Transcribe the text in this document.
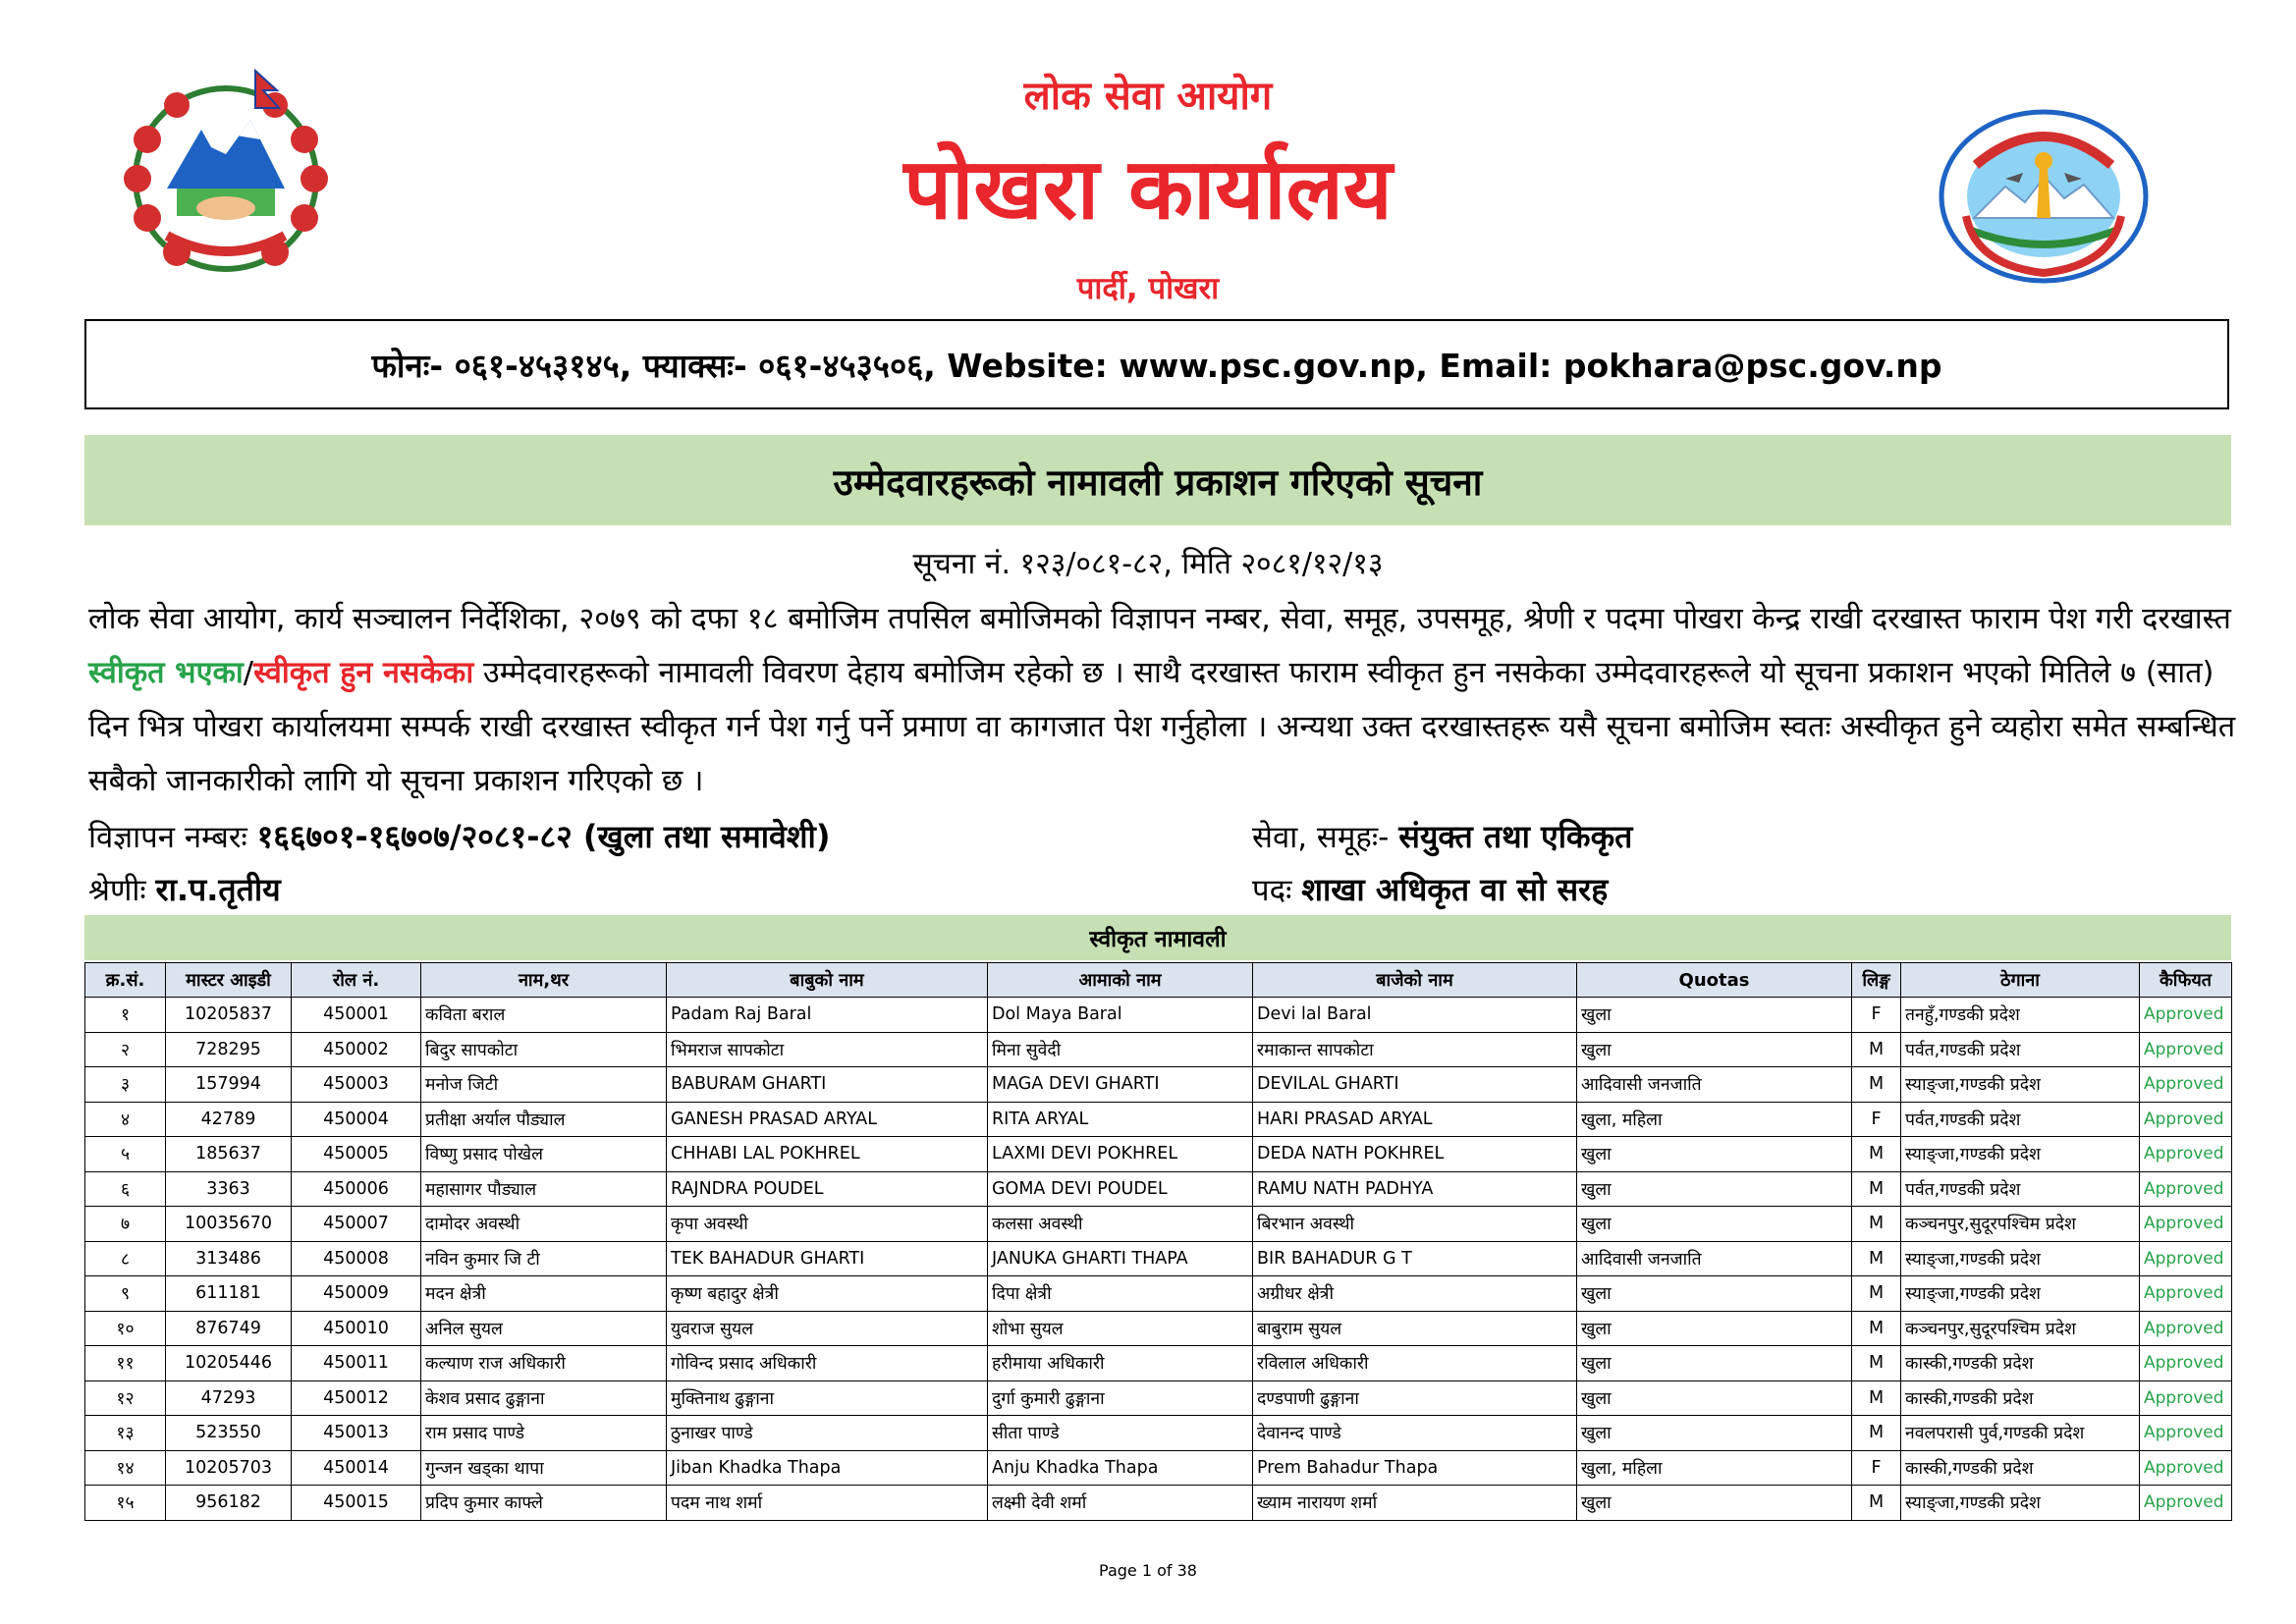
लोक सेवा आयोग
पोखरा कार्यालय
पार्दी, पोखरा
फोनः- ०६१-४५३१४५, फ्याक्सः- ०६१-४५३५०६, Website: www.psc.gov.np, Email: pokhara@psc.gov.np
उम्मेदवारहरूको नामावली प्रकाशन गरिएको सूचना
सूचना नं. १२३/०८१-८२, मिति २०८१/१२/१३
लोक सेवा आयोग, कार्य सञ्चालन निर्देशिका, २०७९ को दफा १८ बमोजिम तपसिल बमोजिमको विज्ञापन नम्बर, सेवा, समूह, उपसमूह, श्रेणी र पदमा पोखरा केन्द्र राखी दरखास्त फाराम पेश गरी दरखास्त स्वीकृत भएका/स्वीकृत हुन नसकेका उम्मेदवारहरूको नामावली विवरण देहाय बमोजिम रहेको छ । साथै दरखास्त फाराम स्वीकृत हुन नसकेका उम्मेदवारहरूले यो सूचना प्रकाशन भएको मितिले ७ (सात) दिन भित्र पोखरा कार्यालयमा सम्पर्क राखी दरखास्त स्वीकृत गर्न पेश गर्नु पर्ने प्रमाण वा कागजात पेश गर्नुहोला । अन्यथा उक्त दरखास्तहरू यसै सूचना बमोजिम स्वतः अस्वीकृत हुने व्यहोरा समेत सम्बन्धित सबैको जानकारीको लागि यो सूचना प्रकाशन गरिएको छ ।
विज्ञापन नम्बरः १६६७०१-१६७०७/२०८१-८२ (खुला तथा समावेशी)	सेवा, समूहः- संयुक्त तथा एकिकृत
श्रेणीः रा.प.तृतीय	पदः शाखा अधिकृत वा सो सरह
स्वीकृत नामावली
क्र.सं.	मास्टर आइडी	रोल नं.	नाम,थर	बाबुको नाम	आमाको नाम	बाजेको नाम	Quotas	लिङ्ग	ठेगाना	कैफियत
१	10205837	450001	कविता बराल	Padam Raj Baral	Dol Maya Baral	Devi lal Baral	खुला	F	तनहुँ,गण्डकी प्रदेश	Approved
२	728295	450002	बिदुर सापकोटा	भिमराज सापकोटा	मिना सुवेदी	रमाकान्त सापकोटा	खुला	M	पर्वत,गण्डकी प्रदेश	Approved
३	157994	450003	मनोज जिटी	BABURAM GHARTI	MAGA DEVI GHARTI	DEVILAL GHARTI	आदिवासी जनजाति	M	स्याङ्जा,गण्डकी प्रदेश	Approved
४	42789	450004	प्रतीक्षा अर्याल पौड्याल	GANESH PRASAD ARYAL	RITA ARYAL	HARI PRASAD ARYAL	खुला, महिला	F	पर्वत,गण्डकी प्रदेश	Approved
५	185637	450005	विष्णु प्रसाद पोखेल	CHHABI LAL POKHREL	LAXMI DEVI POKHREL	DEDA NATH POKHREL	खुला	M	स्याङ्जा,गण्डकी प्रदेश	Approved
६	3363	450006	महासागर पौड्याल	RAJNDRA POUDEL	GOMA DEVI POUDEL	RAMU NATH PADHYA	खुला	M	पर्वत,गण्डकी प्रदेश	Approved
७	10035670	450007	दामोदर अवस्थी	कृपा अवस्थी	कलसा अवस्थी	बिरभान अवस्थी	खुला	M	कञ्चनपुर,सुदूरपश्चिम प्रदेश	Approved
८	313486	450008	नविन कुमार जि टी	TEK BAHADUR GHARTI	JANUKA GHARTI THAPA	BIR BAHADUR G T	आदिवासी जनजाति	M	स्याङ्जा,गण्डकी प्रदेश	Approved
९	611181	450009	मदन क्षेत्री	कृष्ण बहादुर क्षेत्री	दिपा क्षेत्री	अग्रीधर क्षेत्री	खुला	M	स्याङ्जा,गण्डकी प्रदेश	Approved
१०	876749	450010	अनिल सुयल	युवराज सुयल	शोभा सुयल	बाबुराम सुयल	खुला	M	कञ्चनपुर,सुदूरपश्चिम प्रदेश	Approved
११	10205446	450011	कल्याण राज अधिकारी	गोविन्द प्रसाद अधिकारी	हरीमाया अधिकारी	रविलाल अधिकारी	खुला	M	कास्की,गण्डकी प्रदेश	Approved
१२	47293	450012	केशव प्रसाद ढुङ्गाना	मुक्तिनाथ ढुङ्गाना	दुर्गा कुमारी ढुङ्गाना	दण्डपाणी ढुङ्गाना	खुला	M	कास्की,गण्डकी प्रदेश	Approved
१३	523550	450013	राम प्रसाद पाण्डे	ठुनाखर पाण्डे	सीता पाण्डे	देवानन्द पाण्डे	खुला	M	नवलपरासी पुर्व,गण्डकी प्रदेश	Approved
१४	10205703	450014	गुन्जन खड्का थापा	Jiban Khadka Thapa	Anju Khadka Thapa	Prem Bahadur Thapa	खुला, महिला	F	कास्की,गण्डकी प्रदेश	Approved
१५	956182	450015	प्रदिप कुमार काफ्ले	पदम नाथ शर्मा	लक्ष्मी देवी शर्मा	ख्याम नारायण शर्मा	खुला	M	स्याङ्जा,गण्डकी प्रदेश	Approved
Page 1 of 38
